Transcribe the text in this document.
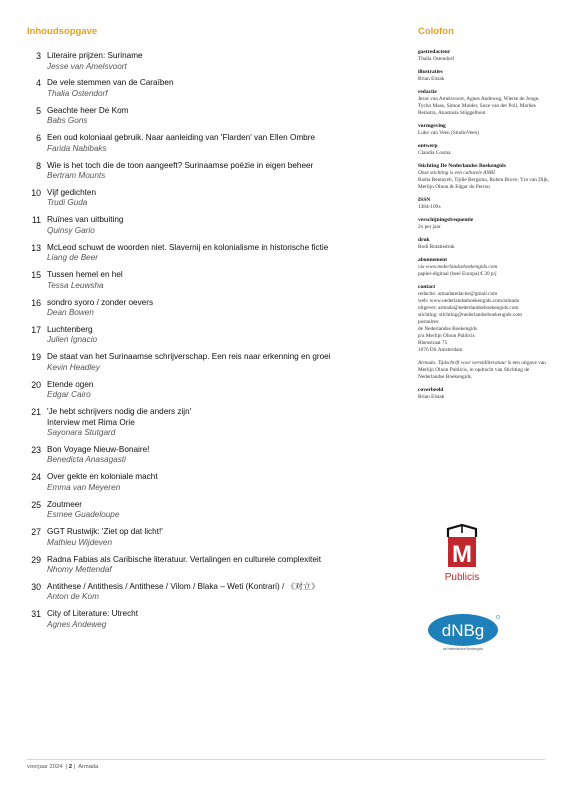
Inhoudsopgave
3 Literaire prijzen: Suriname
Jesse van Amelsvoort
4 De vele stemmen van de Caraïben
Thalia Ostendorf
5 Geachte heer De Kom
Babs Gons
6 Een oud koloniaal gebruik. Naar aanleiding van 'Flarden' van Ellen Ombre
Farida Nabibaks
8 Wie is het toch die de toon aangeeft? Surinaamse poëzie in eigen beheer
Bertram Mounts
10 Vijf gedichten
Trudi Guda
11 Ruïnes van uitbuiting
Quinsy Gario
13 McLeod schuwt de woorden niet. Slavernij en kolonialisme in historische fictie
Liang de Beer
15 Tussen hemel en hel
Tessa Leuwsha
16 sondro syoro / zonder oevers
Dean Bowen
17 Luchtenberg
Julien Ignacio
19 De staat van het Surinaamse schrijverschap. Een reis naar erkenning en groei
Kevin Headley
20 Etende ogen
Edgar Cairo
21 'Je hebt schrijvers nodig die anders zijn'
Interview met Rima Orie
Sayonara Stutgard
23 Bon Voyage Nieuw-Bonaire!
Benedicta Anasagasti
24 Over gekte en koloniale macht
Emma van Meyeren
25 Zoutmeer
Esmee Guadeloupe
27 GGT Rustwijk: 'Ziet op dat licht!'
Mathieu Wijdeven
29 Radna Fabias als Caribische literatuur. Vertalingen en culturele complexiteit
Nhomy Mettendaf
30 Antithese / Antithesis / Antithese / Vilom / Blaka – Weti (Kontrari) / 《对立》
Anton de Kom
31 City of Literature: Utrecht
Agnes Andeweg
Colofon
gastredacteur
Thalia Ostendorf
illustraties
Brian Elstak
redactie
Jesse van Amelsvoort, Agnes Andeweg, Wietse de Jonge, Tycho Maas, Simon Mulder, Suze van der Poll, Marlies Reinstra, Anastasia Stüggelbout
vormgeving
Luke van Veen (StudioVeen)
ontwerp
Claudia Cosma
Stichting De Nederlandse Boekengids
Onze stichting is een culturele ANBI
Badia Bentayeb, Tijdie Bergsma, Ruben Bruve, Yra van Dijk, Merlijn Olnon & Edgar du Perron
ISSN
1384-109x
verschijningsfrequentie
2x per jaar
druk
Rodi Rotatiedruk
abonnement
via www.nederlandseboekengids.com
papier-digitaal (heel Europa) € 20 p/j
contact
redactie: armadaredactie@gmail.com
web: www.nederlandseboekengids.com/armada
uitgever: armada@nederlandseboekengids.com
stichting: stichting@nederlandseboekengids.com
postadres:
de Nederlandse Boekengids
p/a Merlijn Olnon Publicis
Rhenstraat 75
1076 DS Amsterdam
Armada. Tijdschrift voor wereldliteratuur is een uitgave van Merlijn Olnon Publicis, in opdracht van Stichting de Nederlandse Boekengids.
coverbeeld
Brian Elstak
M
Publicis
dNBg
de Nederlandse Boekengids
voorjaar 2024  | 2 |  Armada
